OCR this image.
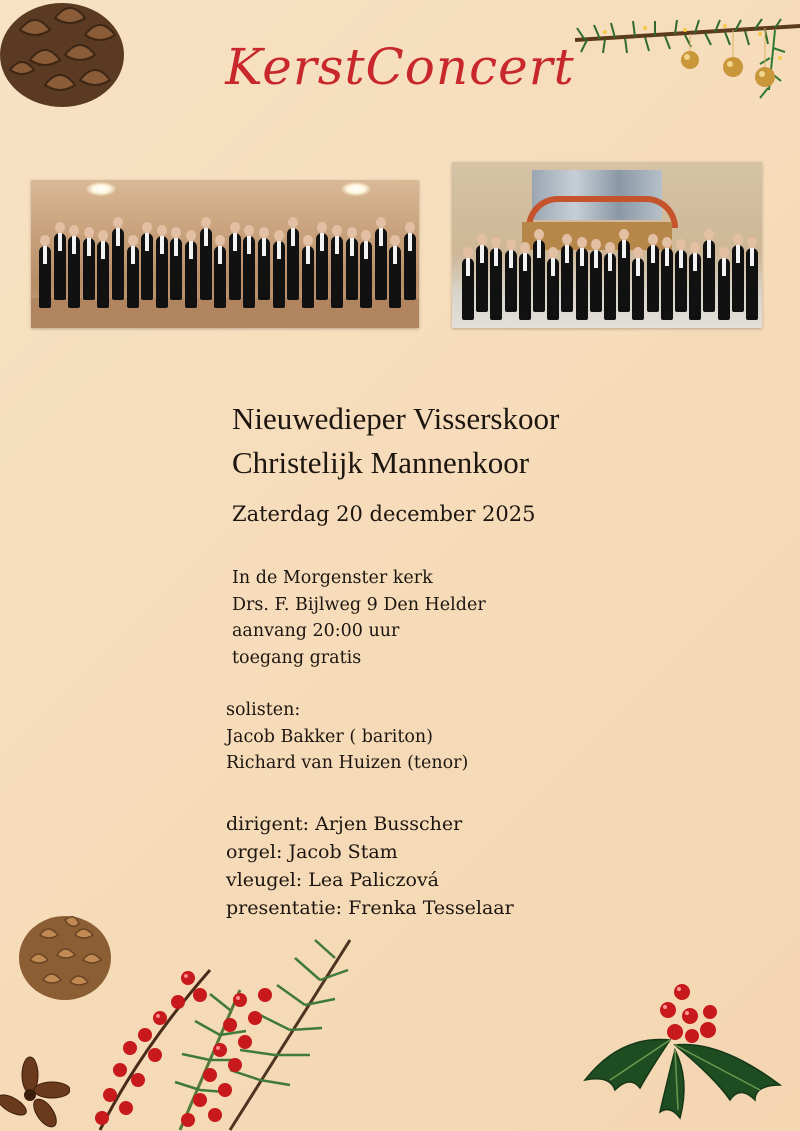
KerstConcert
Nieuwedieper Visserskoor
Christelijk Mannenkoor
Zaterdag 20 december 2025
In de Morgenster kerk
Drs. F. Bijlweg 9 Den Helder
aanvang 20:00 uur
toegang gratis
solisten:
Jacob Bakker ( bariton)
Richard van Huizen (tenor)
dirigent: Arjen Busscher
orgel: Jacob Stam
vleugel: Lea Paliczová
presentatie: Frenka Tesselaar
